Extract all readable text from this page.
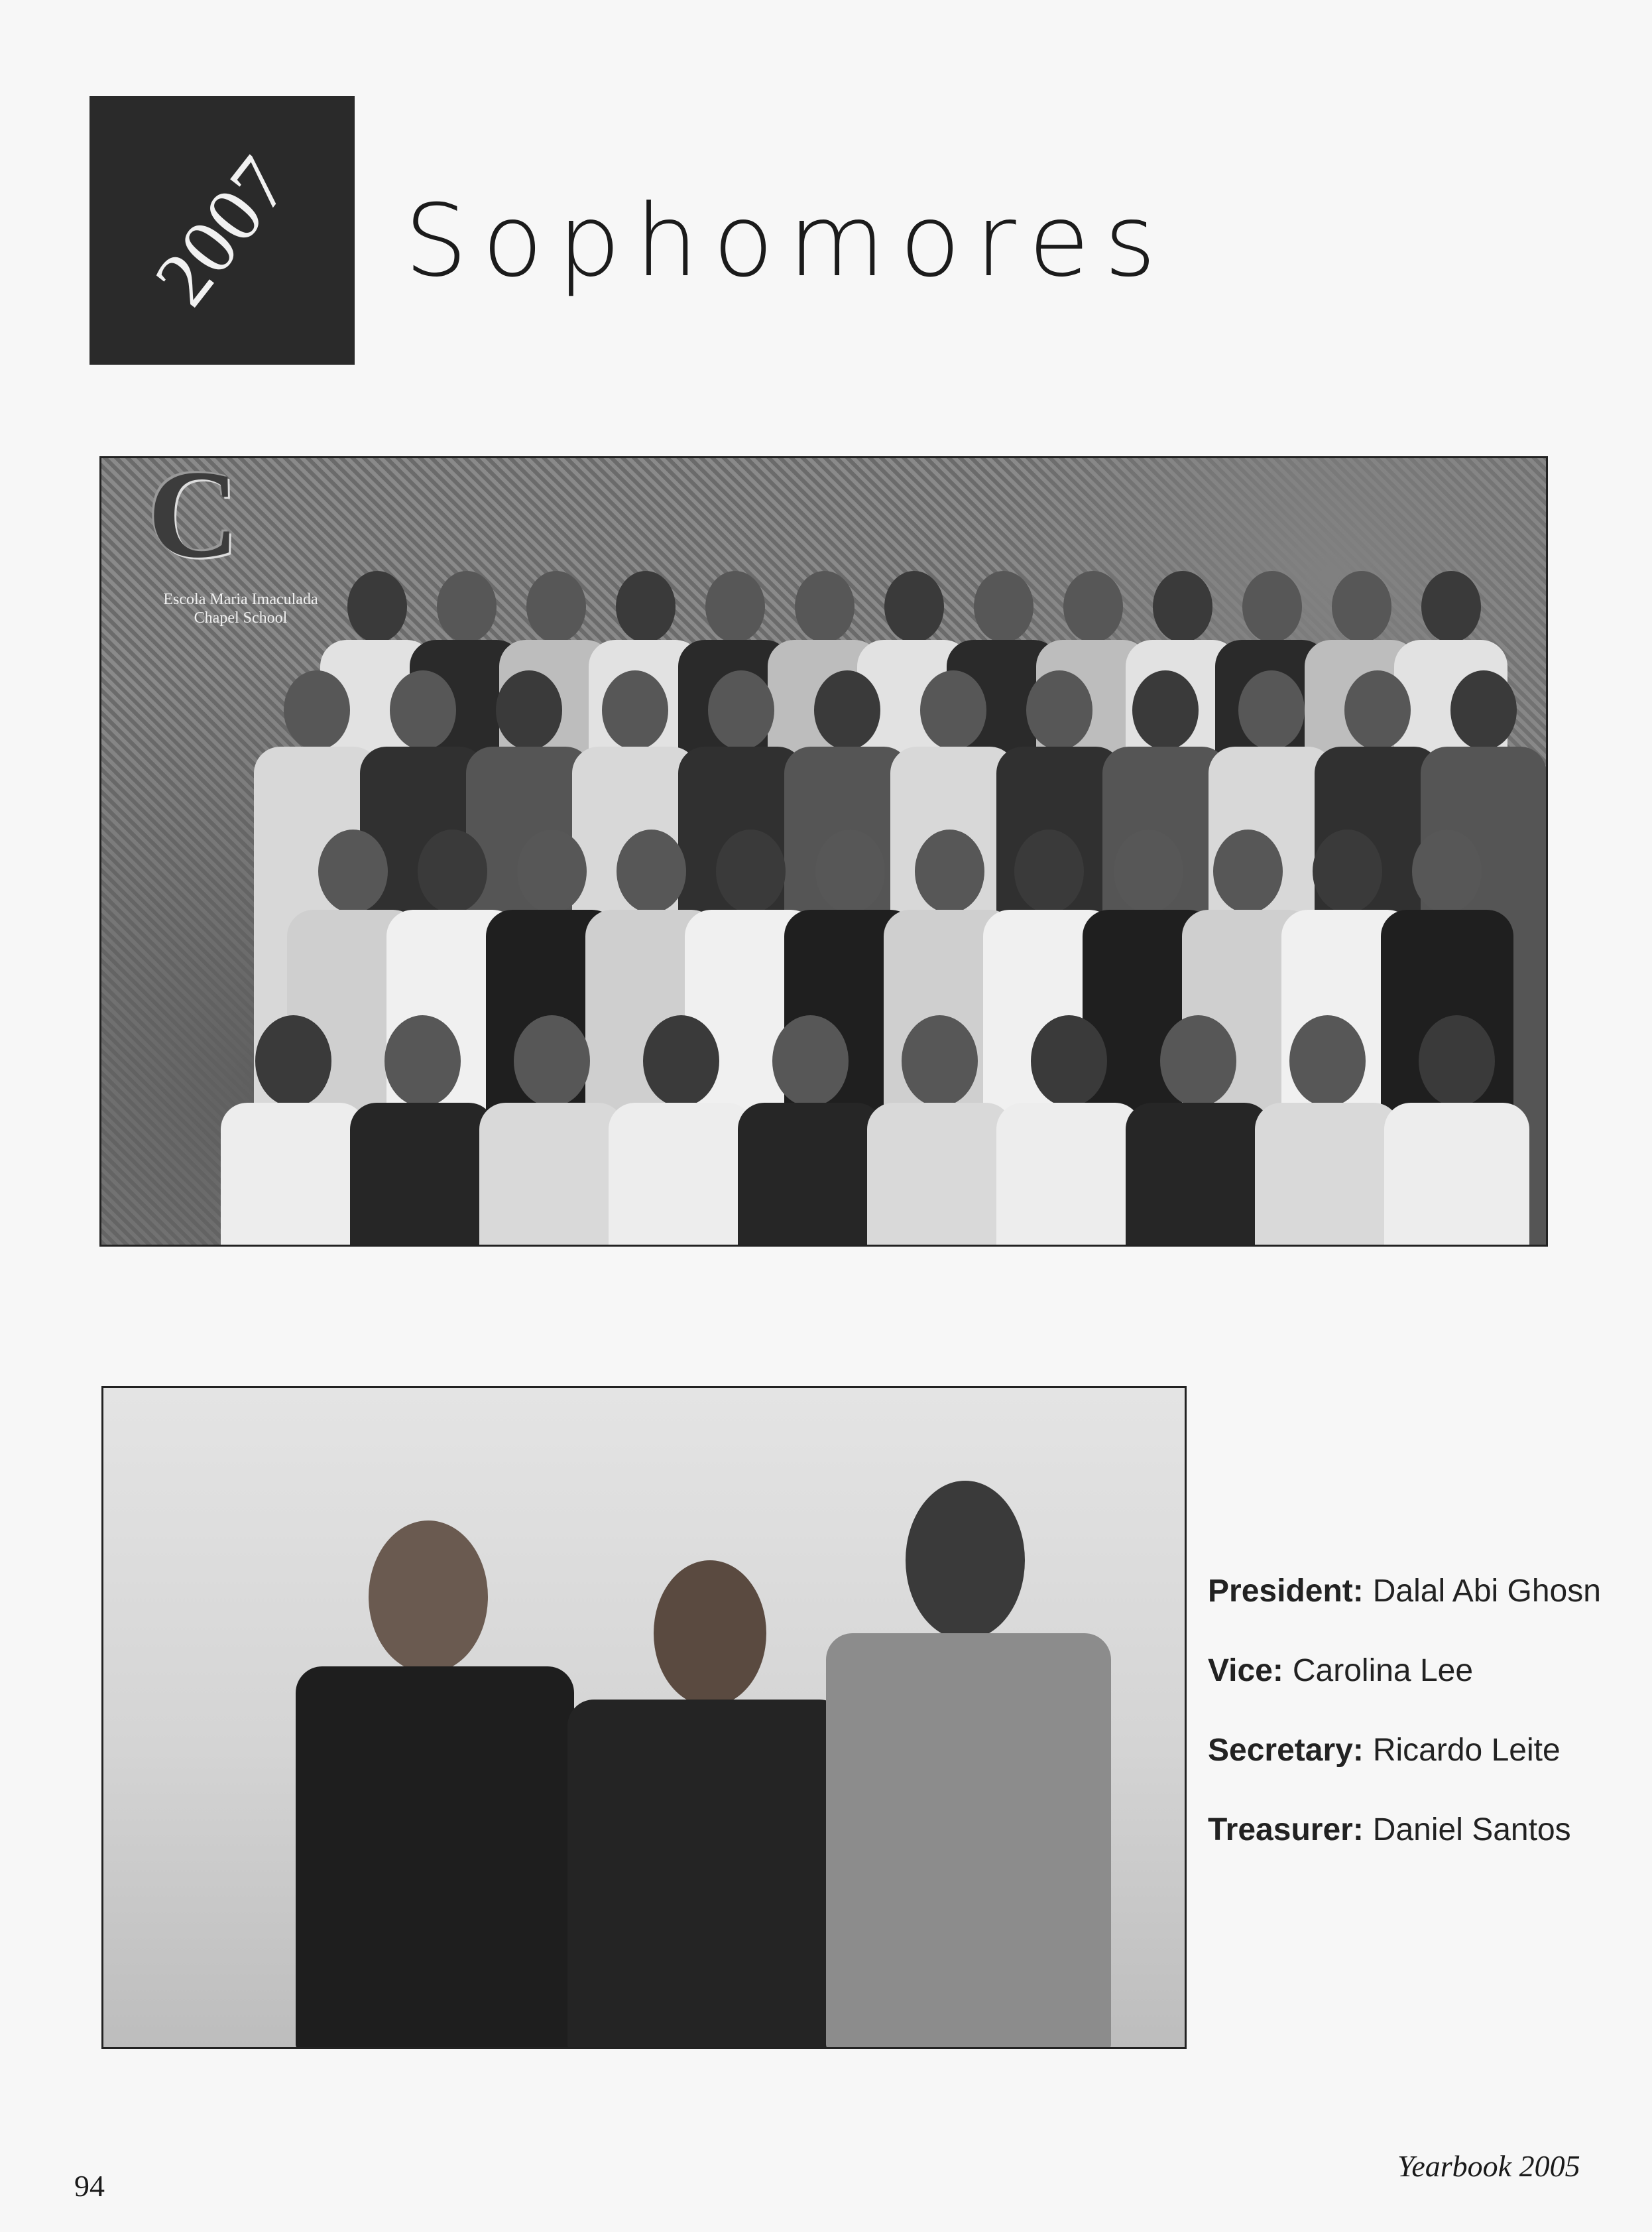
2007 Sophomores
C
Escola Maria Imaculada
Chapel School
President: Dalal Abi Ghosn
Vice: Carolina Lee
Secretary: Ricardo Leite
Treasurer: Daniel Santos
94
Yearbook 2005
